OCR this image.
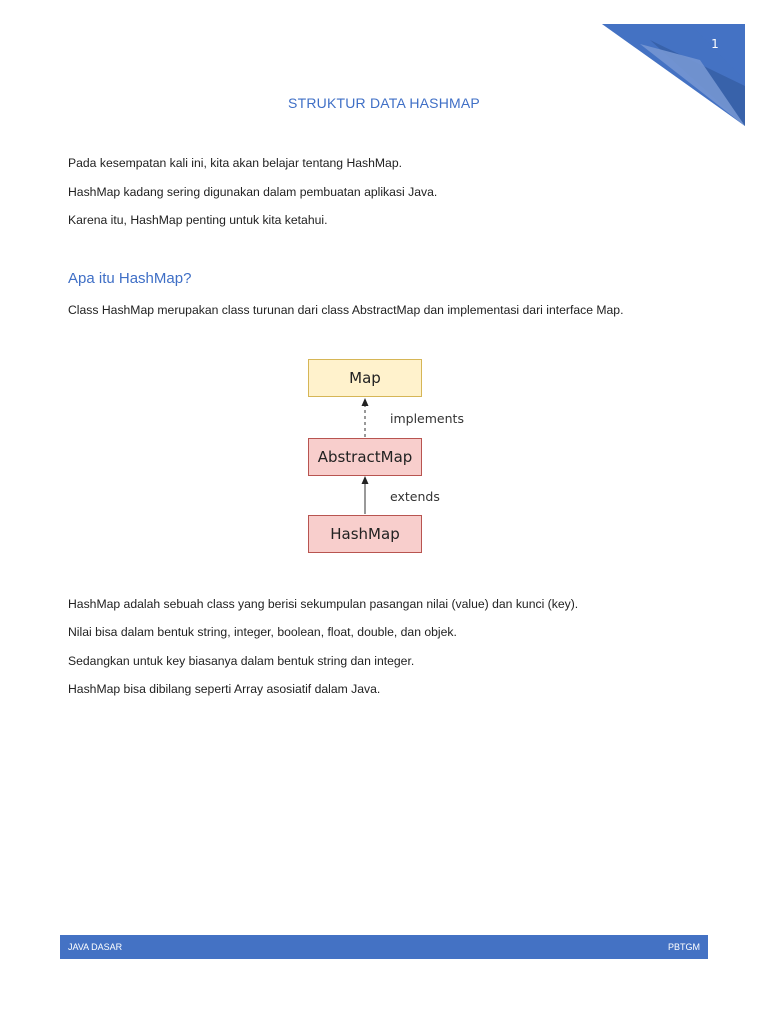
1
STRUKTUR DATA HASHMAP
Pada kesempatan kali ini, kita akan belajar tentang HashMap.
HashMap kadang sering digunakan dalam pembuatan aplikasi Java.
Karena itu, HashMap penting untuk kita ketahui.
Apa itu HashMap?
Class HashMap merupakan class turunan dari class AbstractMap dan implementasi dari interface Map.
Map
AbstractMap
HashMap
implements
extends
HashMap adalah sebuah class yang berisi sekumpulan pasangan nilai (value) dan kunci (key).
Nilai bisa dalam bentuk string, integer, boolean, float, double, dan objek.
Sedangkan untuk key biasanya dalam bentuk string dan integer.
HashMap bisa dibilang seperti Array asosiatif dalam Java.
JAVA DASAR	PBTGM
